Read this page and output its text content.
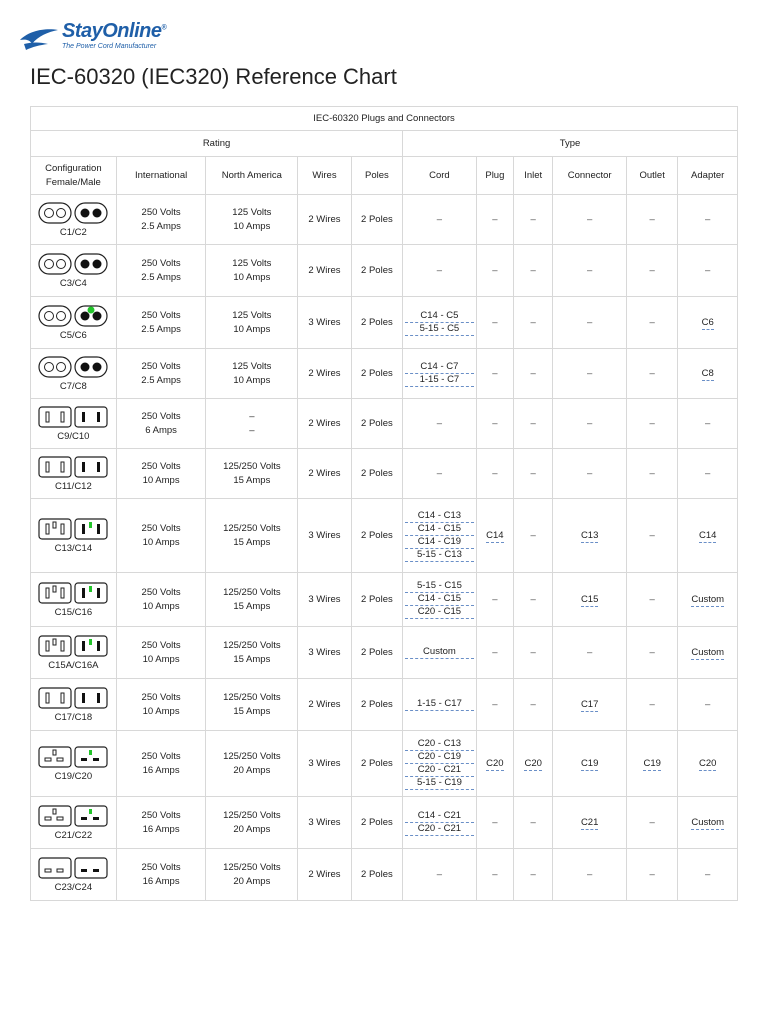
StayOnline®
The Power Cord Manufacturer
IEC-60320 (IEC320) Reference Chart
IEC-60320 Plugs and Connectors										
Rating					Type					
Configuration Female/Male	International	North America	Wires	Poles	Cord	Plug	Inlet	Connector	Outlet	Adapter

C1/C2	250 Volts
2.5 Amps	125 Volts
10 Amps	2 Wires	2 Poles	–	–	–	–	–	–

C3/C4	250 Volts
2.5 Amps	125 Volts
10 Amps	2 Wires	2 Poles	–	–	–	–	–	–

C5/C6	250 Volts
2.5 Amps	125 Volts
10 Amps	3 Wires	2 Poles	C14 - C5
5-15 - C5	–	–	–	–	C6

C7/C8	250 Volts
2.5 Amps	125 Volts
10 Amps	2 Wires	2 Poles	C14 - C7
1-15 - C7	–	–	–	–	C8

C9/C10	250 Volts
6 Amps	–
–	2 Wires	2 Poles	–	–	–	–	–	–

C11/C12	250 Volts
10 Amps	125/250 Volts
15 Amps	2 Wires	2 Poles	–	–	–	–	–	–

C13/C14	250 Volts
10 Amps	125/250 Volts
15 Amps	3 Wires	2 Poles	C14 - C13
C14 - C15
C14 - C19
5-15 - C13	C14	–	C13	–	C14

C15/C16	250 Volts
10 Amps	125/250 Volts
15 Amps	3 Wires	2 Poles	5-15 - C15
C14 - C15
C20 - C15	–	–	C15	–	Custom

C15A/C16A	250 Volts
10 Amps	125/250 Volts
15 Amps	3 Wires	2 Poles	Custom	–	–	–	–	Custom

C17/C18	250 Volts
10 Amps	125/250 Volts
15 Amps	2 Wires	2 Poles	1-15 - C17	–	–	C17	–	–

C19/C20	250 Volts
16 Amps	125/250 Volts
20 Amps	3 Wires	2 Poles	C20 - C13
C20 - C19
C20 - C21
5-15 - C19	C20	C20	C19	C19	C20

C21/C22	250 Volts
16 Amps	125/250 Volts
20 Amps	3 Wires	2 Poles	C14 - C21
C20 - C21	–	–	C21	–	Custom

C23/C24	250 Volts
16 Amps	125/250 Volts
20 Amps	2 Wires	2 Poles	–	–	–	–	–	–
